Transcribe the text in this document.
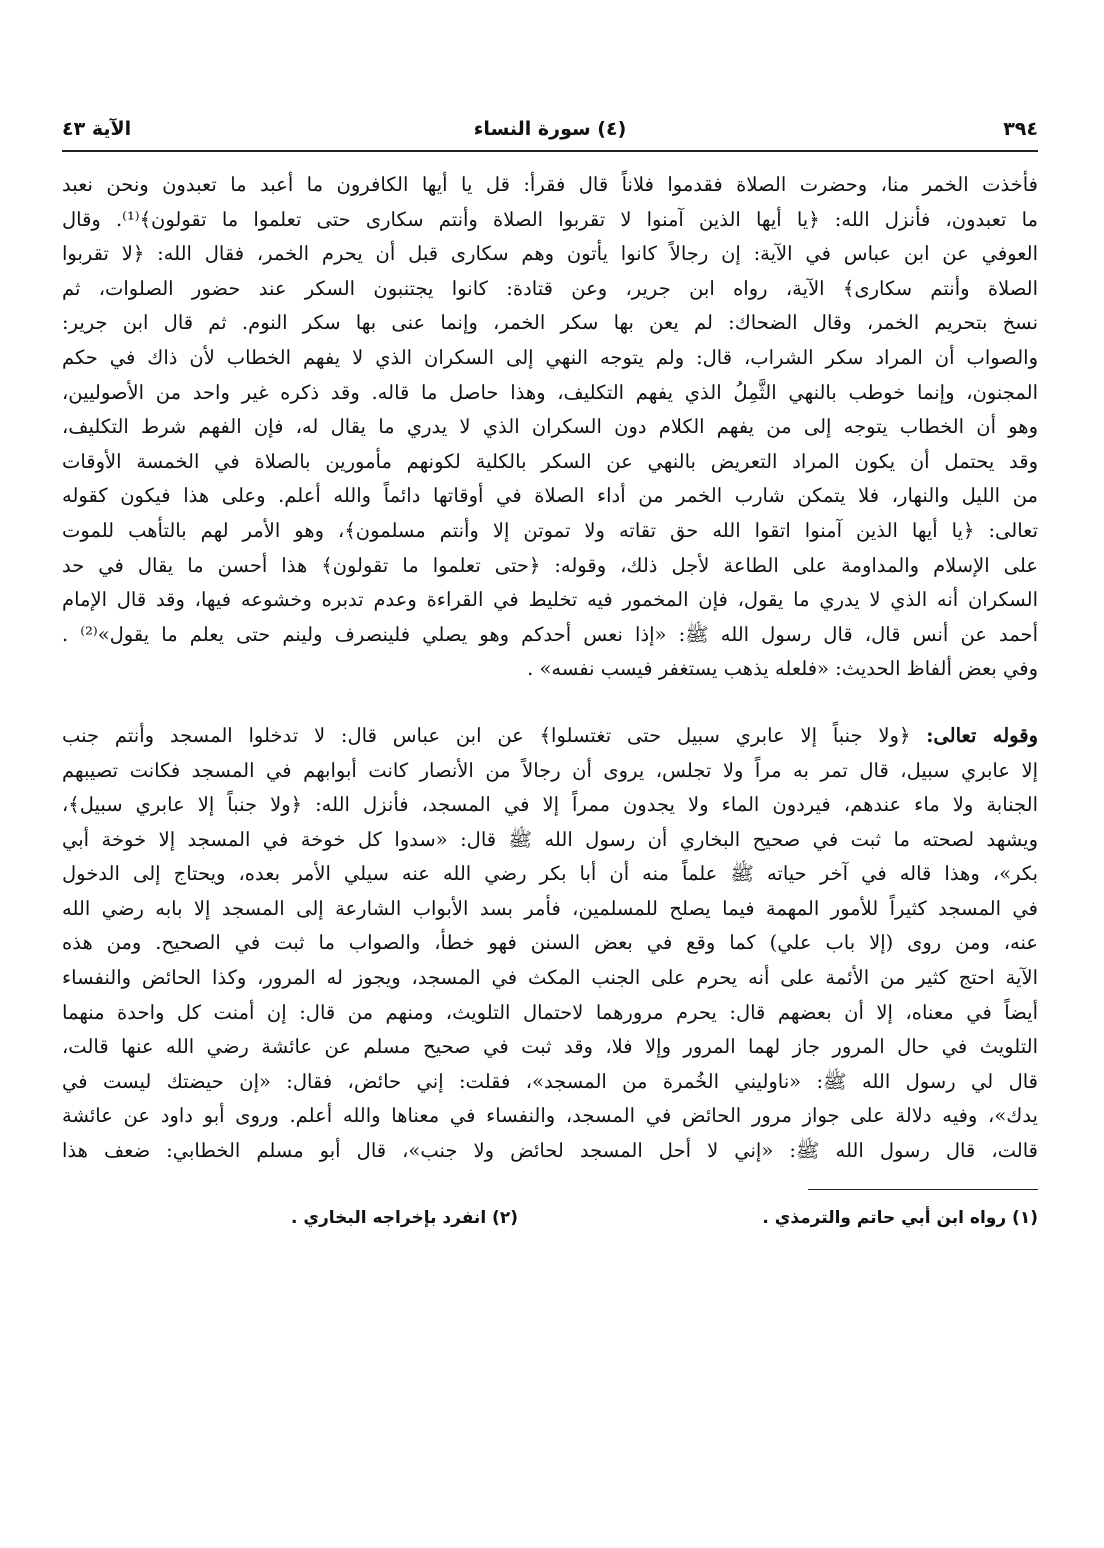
٣٩٤
(٤) سورة النساء
الآية ٤٣
فأخذت الخمر منا، وحضرت الصلاة فقدموا فلاناً قال فقرأ: قل يا أيها الكافرون ما أعبد ما تعبدون ونحن نعبد
ما تعبدون، فأنزل الله: ﴿يا أيها الذين آمنوا لا تقربوا الصلاة وأنتم سكارى حتى تعلموا ما تقولون﴾⁽¹⁾. وقال
العوفي عن ابن عباس في الآية: إن رجالاً كانوا يأتون وهم سكارى قبل أن يحرم الخمر، فقال الله: ﴿لا تقربوا
الصلاة وأنتم سكارى﴾ الآية، رواه ابن جرير، وعن قتادة: كانوا يجتنبون السكر عند حضور الصلوات، ثم
نسخ بتحريم الخمر، وقال الضحاك: لم يعن بها سكر الخمر، وإنما عنى بها سكر النوم. ثم قال ابن جرير:
والصواب أن المراد سكر الشراب، قال: ولم يتوجه النهي إلى السكران الذي لا يفهم الخطاب لأن ذاك في حكم
المجنون، وإنما خوطب بالنهي الثَّمِلُ الذي يفهم التكليف، وهذا حاصل ما قاله. وقد ذكره غير واحد من الأصوليين،
وهو أن الخطاب يتوجه إلى من يفهم الكلام دون السكران الذي لا يدري ما يقال له، فإن الفهم شرط التكليف،
وقد يحتمل أن يكون المراد التعريض بالنهي عن السكر بالكلية لكونهم مأمورين بالصلاة في الخمسة الأوقات
من الليل والنهار، فلا يتمكن شارب الخمر من أداء الصلاة في أوقاتها دائماً والله أعلم. وعلى هذا فيكون كقوله
تعالى: ﴿يا أيها الذين آمنوا اتقوا الله حق تقاته ولا تموتن إلا وأنتم مسلمون﴾، وهو الأمر لهم بالتأهب للموت
على الإسلام والمداومة على الطاعة لأجل ذلك، وقوله: ﴿حتى تعلموا ما تقولون﴾ هذا أحسن ما يقال في حد
السكران أنه الذي لا يدري ما يقول، فإن المخمور فيه تخليط في القراءة وعدم تدبره وخشوعه فيها، وقد قال الإمام
أحمد عن أنس قال، قال رسول الله ﷺ: «إذا نعس أحدكم وهو يصلي فلينصرف ولينم حتى يعلم ما يقول»⁽²⁾ .
وفي بعض ألفاظ الحديث: «فلعله يذهب يستغفر فيسب نفسه» .
وقوله تعالى: ﴿ولا جنباً إلا عابري سبيل حتى تغتسلوا﴾ عن ابن عباس قال: لا تدخلوا المسجد وأنتم جنب
إلا عابري سبيل، قال تمر به مراً ولا تجلس، يروى أن رجالاً من الأنصار كانت أبوابهم في المسجد فكانت تصيبهم
الجنابة ولا ماء عندهم، فيردون الماء ولا يجدون ممراً إلا في المسجد، فأنزل الله: ﴿ولا جنباً إلا عابري سبيل﴾،
ويشهد لصحته ما ثبت في صحيح البخاري أن رسول الله ﷺ قال: «سدوا كل خوخة في المسجد إلا خوخة أبي
بكر»، وهذا قاله في آخر حياته ﷺ علماً منه أن أبا بكر رضي الله عنه سيلي الأمر بعده، ويحتاج إلى الدخول
في المسجد كثيراً للأمور المهمة فيما يصلح للمسلمين، فأمر بسد الأبواب الشارعة إلى المسجد إلا بابه رضي الله
عنه، ومن روى (إلا باب علي) كما وقع في بعض السنن فهو خطأ، والصواب ما ثبت في الصحيح. ومن هذه
الآية احتج كثير من الأئمة على أنه يحرم على الجنب المكث في المسجد، ويجوز له المرور، وكذا الحائض والنفساء
أيضاً في معناه، إلا أن بعضهم قال: يحرم مرورهما لاحتمال التلويث، ومنهم من قال: إن أمنت كل واحدة منهما
التلويث في حال المرور جاز لهما المرور وإلا فلا، وقد ثبت في صحيح مسلم عن عائشة رضي الله عنها قالت،
قال لي رسول الله ﷺ: «ناوليني الخُمرة من المسجد»، فقلت: إني حائض، فقال: «إن حيضتك ليست في
يدك»، وفيه دلالة على جواز مرور الحائض في المسجد، والنفساء في معناها والله أعلم. وروى أبو داود عن عائشة
قالت، قال رسول الله ﷺ: «إني لا أحل المسجد لحائض ولا جنب»، قال أبو مسلم الخطابي: ضعف هذا
(١) رواه ابن أبي حاتم والترمذي .
(٢) انفرد بإخراجه البخاري .
